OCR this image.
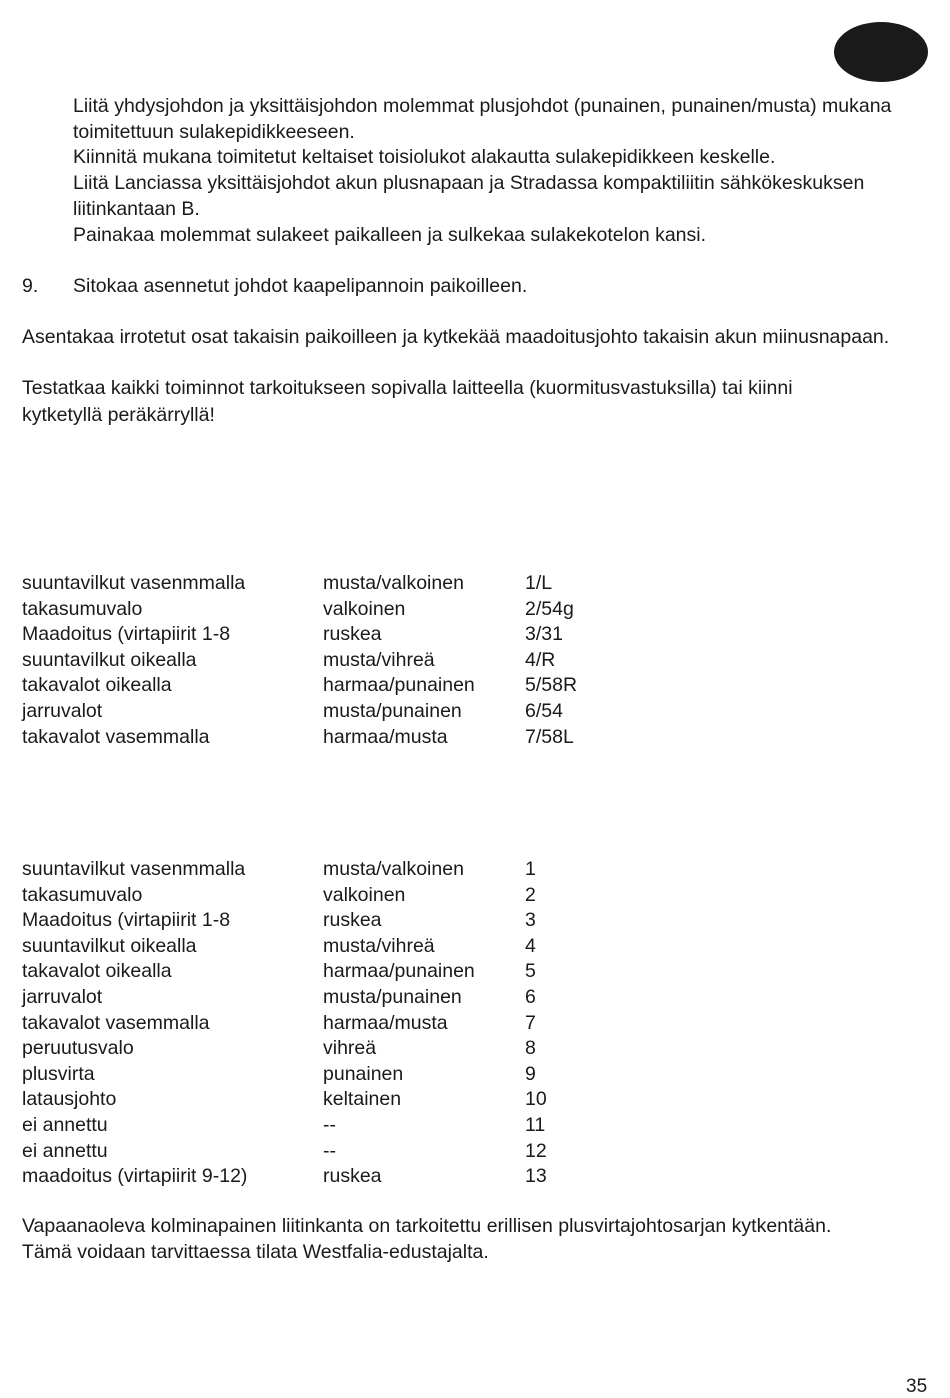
Liitä yhdysjohdon ja yksittäisjohdon molemmat plusjohdot (punainen, punainen/musta) mukana toimitettuun sulakepidikkeeseen.

Kiinnitä mukana toimitetut keltaiset toisiolukot alakautta sulakepidikkeen keskelle.

Liitä Lanciassa yksittäisjohdot akun plusnapaan ja Stradassa kompaktiliitin sähkökeskuksen liitinkantaan B.

Painakaa molemmat sulakeet paikalleen ja sulkekaa sulakekotelon kansi.

9. Sitokaa asennetut johdot kaapelipannoin paikoilleen.

Asentakaa irrotetut osat takaisin paikoilleen ja kytkekää maadoitusjohto takaisin akun miinusnapaan.

Testatkaa kaikki toiminnot tarkoitukseen sopivalla laitteella (kuormitusvastuksilla) tai kiinni kytketyllä peräkärryllä!

suuntavilkut vasenmmalla	musta/valkoinen	1/L
takasumuvalo	valkoinen	2/54g
Maadoitus (virtapiirit 1-8	ruskea	3/31
suuntavilkut oikealla	musta/vihreä	4/R
takavalot oikealla	harmaa/punainen	5/58R
jarruvalot	musta/punainen	6/54
takavalot vasemmalla	harmaa/musta	7/58L
suuntavilkut vasenmmalla	musta/valkoinen	1
takasumuvalo	valkoinen	2
Maadoitus (virtapiirit 1-8	ruskea	3
suuntavilkut oikealla	musta/vihreä	4
takavalot oikealla	harmaa/punainen	5
jarruvalot	musta/punainen	6
takavalot vasemmalla	harmaa/musta	7
peruutusvalo	vihreä	8
plusvirta	punainen	9
latausjohto	keltainen	10
ei annettu	--	11
ei annettu	--	12
maadoitus (virtapiirit 9-12)	ruskea	13
Vapaanaoleva kolminapainen liitinkanta on tarkoitettu erillisen plusvirtajohtosarjan kytkentään.
Tämä voidaan tarvittaessa tilata Westfalia-edustajalta.
35
